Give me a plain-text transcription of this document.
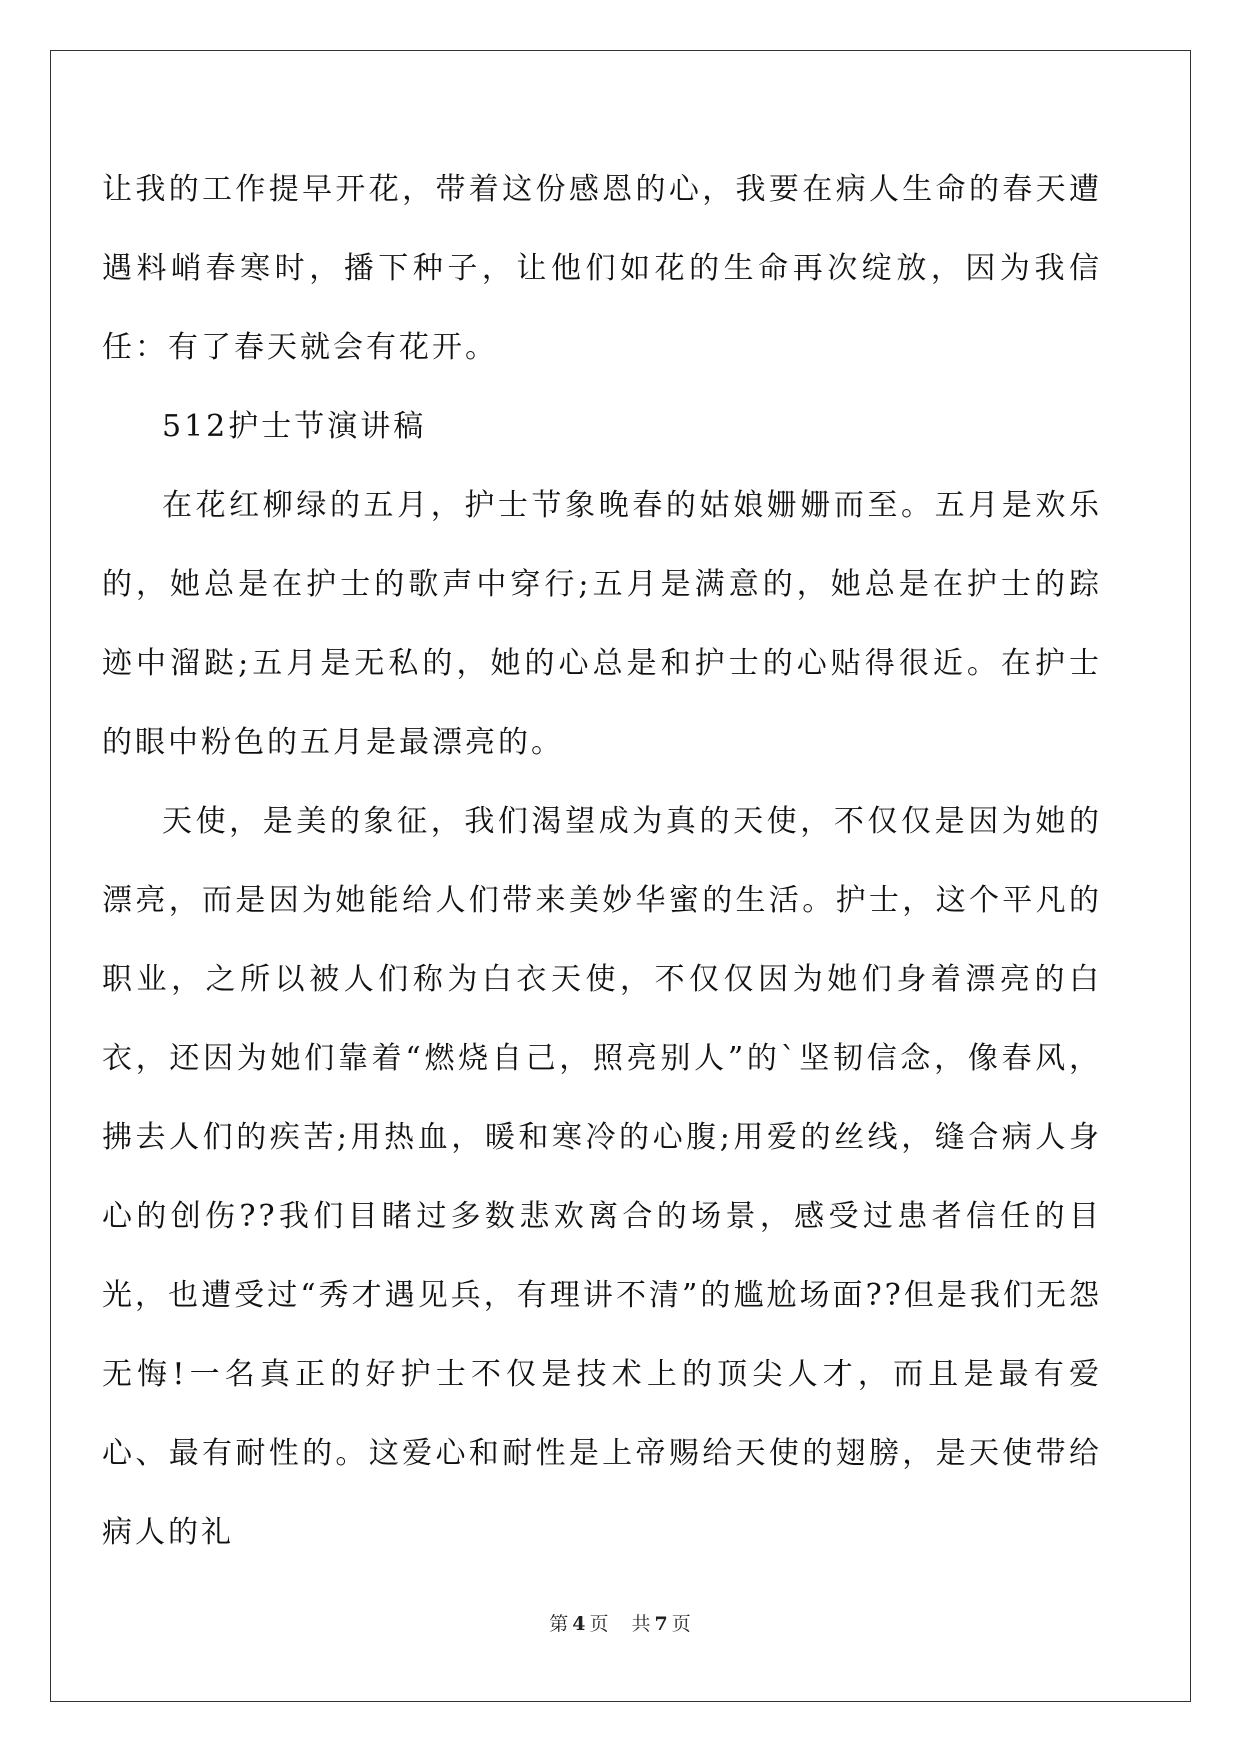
让我的工作提早开花，带着这份感恩的心，我要在病人生命的春天遭遇料峭春寒时，播下种子，让他们如花的生命再次绽放，因为我信任：有了春天就会有花开。

512护士节演讲稿

在花红柳绿的五月，护士节象晚春的姑娘姗姗而至。五月是欢乐的，她总是在护士的歌声中穿行;五月是满意的，她总是在护士的踪迹中溜跶;五月是无私的，她的心总是和护士的心贴得很近。在护士的眼中粉色的五月是最漂亮的。

天使，是美的象征，我们渴望成为真的天使，不仅仅是因为她的漂亮，而是因为她能给人们带来美妙华蜜的生活。护士，这个平凡的职业，之所以被人们称为白衣天使，不仅仅因为她们身着漂亮的白衣，还因为她们靠着“燃烧自己，照亮别人”的`坚韧信念，像春风，拂去人们的疾苦;用热血，暖和寒冷的心腹;用爱的丝线，缝合病人身心的创伤??我们目睹过多数悲欢离合的场景，感受过患者信任的目光，也遭受过“秀才遇见兵，有理讲不清”的尴尬场面??但是我们无怨无悔!一名真正的好护士不仅是技术上的顶尖人才，而且是最有爱心、最有耐性的。这爱心和耐性是上帝赐给天使的翅膀，是天使带给病人的礼

第 4 页 共 7 页
